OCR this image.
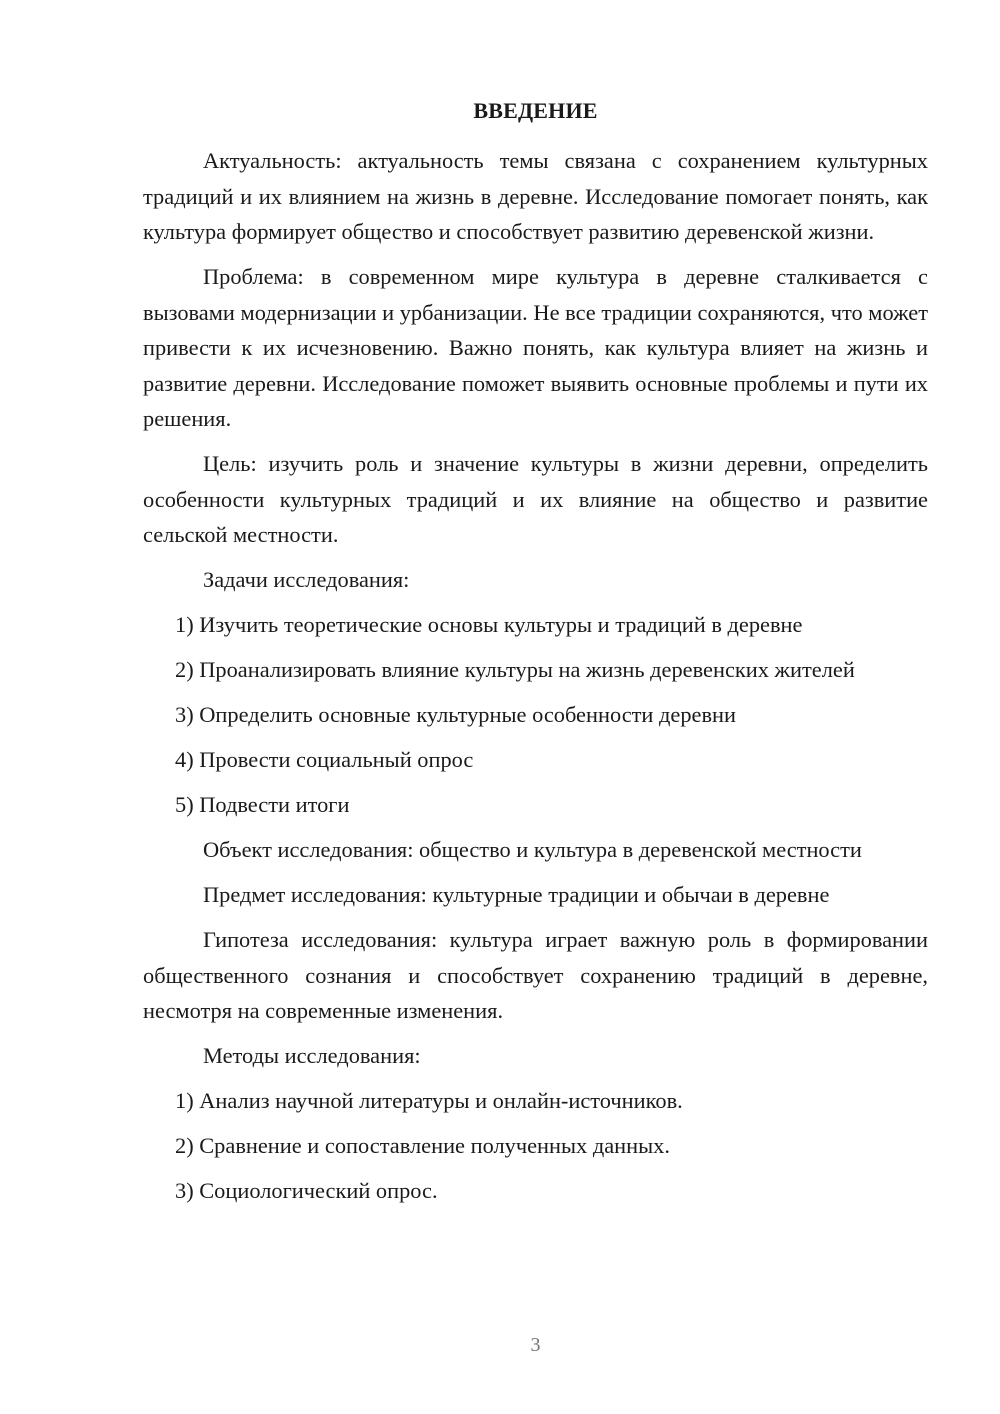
ВВЕДЕНИЕ

Актуальность: актуальность темы связана с сохранением культурных традиций и их влиянием на жизнь в деревне. Исследование помогает понять, как культура формирует общество и способствует развитию деревенской жизни.

Проблема: в современном мире культура в деревне сталкивается с вызовами модернизации и урбанизации. Не все традиции сохраняются, что может привести к их исчезновению. Важно понять, как культура влияет на жизнь и развитие деревни. Исследование поможет выявить основные проблемы и пути их решения.

Цель: изучить роль и значение культуры в жизни деревни, определить особенности культурных традиций и их влияние на общество и развитие сельской местности.

Задачи исследования:

1) Изучить теоретические основы культуры и традиций в деревне

2) Проанализировать влияние культуры на жизнь деревенских жителей

3) Определить основные культурные особенности деревни

4) Провести социальный опрос

5) Подвести итоги

Объект исследования: общество и культура в деревенской местности

Предмет исследования: культурные традиции и обычаи в деревне

Гипотеза исследования: культура играет важную роль в формировании общественного сознания и способствует сохранению традиций в деревне, несмотря на современные изменения.

Методы исследования:

1) Анализ научной литературы и онлайн-источников.

2) Сравнение и сопоставление полученных данных.

3) Социологический опрос.

3
